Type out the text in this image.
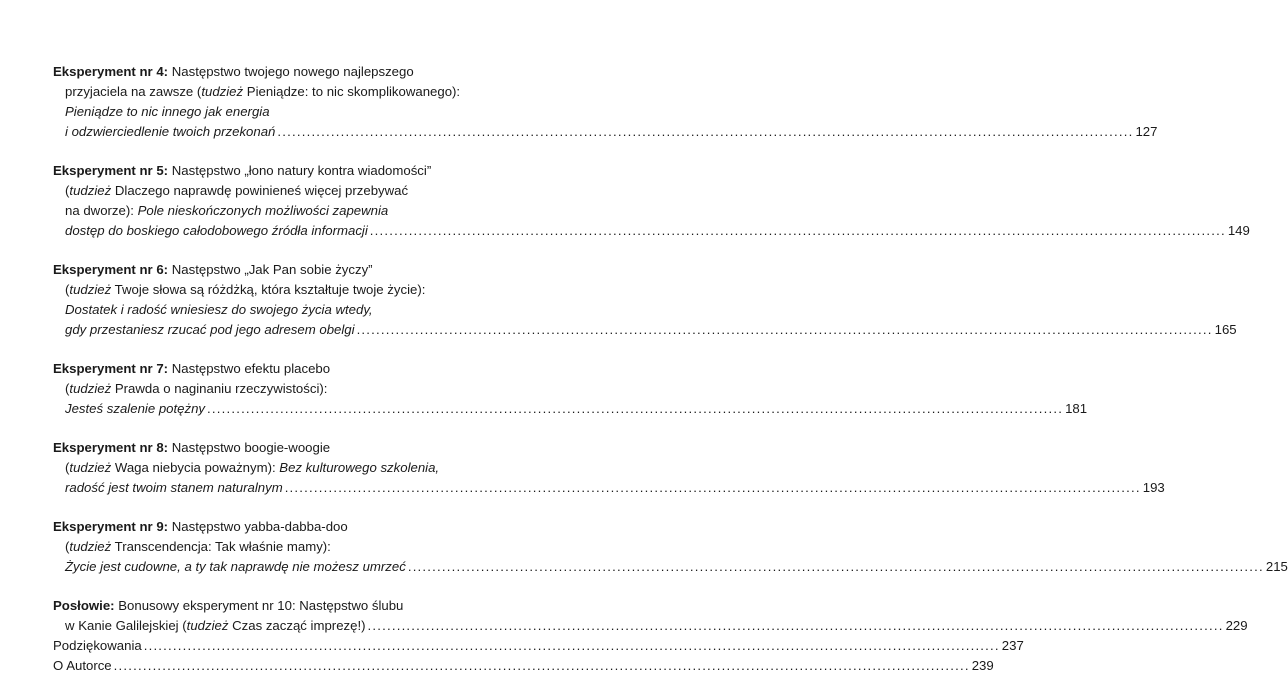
Eksperyment nr 4: Następstwo twojego nowego najlepszego
przyjaciela na zawsze (tudzież Pieniądze: to nic skomplikowanego):
Pieniądze to nic innego jak energia
i odzwierciedlenie twoich przekonań .....	127
Eksperyment nr 5: Następstwo „łono natury kontra wiadomości”
(tudzież Dlaczego naprawdę powinieneś więcej przebywać
na dworze): Pole nieskończonych możliwości zapewnia
dostęp do boskiego całodobowego źródła informacji .....	149
Eksperyment nr 6: Następstwo „Jak Pan sobie życzy”
(tudzież Twoje słowa są różdżką, która kształtuje twoje życie):
Dostatek i radość wniesiesz do swojego życia wtedy,
gdy przestaniesz rzucać pod jego adresem obelgi .....	165
Eksperyment nr 7: Następstwo efektu placebo
(tudzież Prawda o naginaniu rzeczywistości):
Jesteś szalenie potężny .....	181
Eksperyment nr 8: Następstwo boogie-woogie
(tudzież Waga niebycia poważnym): Bez kulturowego szkolenia,
radość jest twoim stanem naturalnym .....	193
Eksperyment nr 9: Następstwo yabba-dabba-doo
(tudzież Transcendencja: Tak właśnie mamy):
Życie jest cudowne, a ty tak naprawdę nie możesz umrzeć .....	215
Posłowie: Bonusowy eksperyment nr 10: Następstwo ślubu
w Kanie Galilejskiej (tudzież Czas zacząć imprezę!) .....	229
Podziękowania .....	237
O Autorce .....	239
